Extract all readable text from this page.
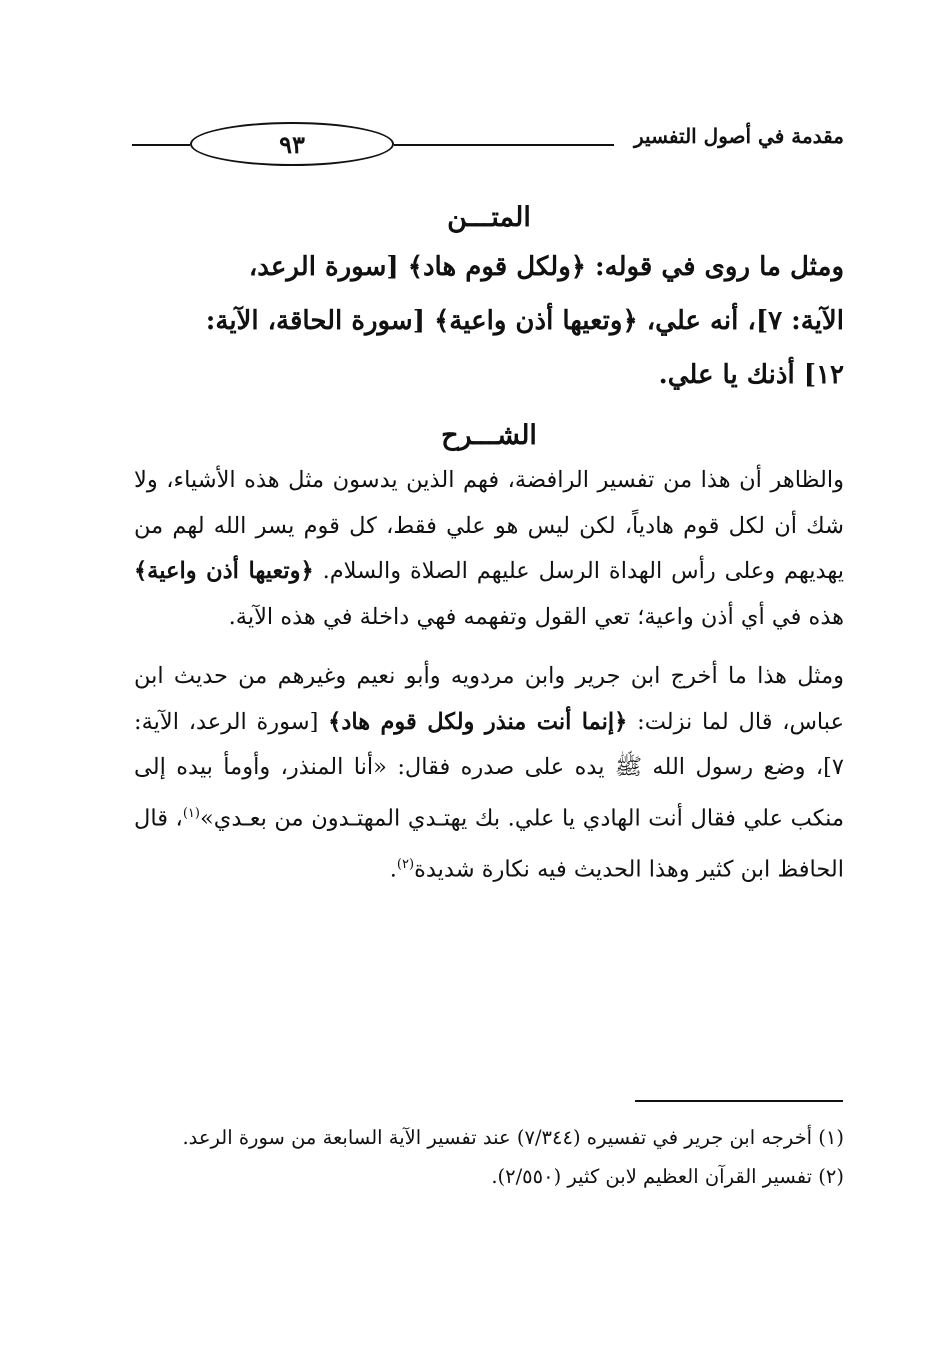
مقدمة في أصول التفسير
٩٣
المتـــن
ومثل ما روى في قوله: ﴿ولكل قوم هاد﴾ [سورة الرعد،
الآية: ٧]، أنه علي، ﴿وتعيها أذن واعية﴾ [سورة الحاقة، الآية:
١٢] أذنك يا علي.
الشـــرح

والظاهر أن هذا من تفسير الرافضة، فهم الذين يدسون مثل هذه الأشياء، ولا شك أن لكل قوم هادياً، لكن ليس هو علي فقط، كل قوم يسر الله لهم من يهديهم وعلى رأس الهداة الرسل عليهم الصلاة والسلام. ﴿وتعيها أذن واعية﴾ هذه في أي أذن واعية؛ تعي القول وتفهمه فهي داخلة في هذه الآية.

ومثل هذا ما أخرج ابن جرير وابن مردويه وأبو نعيم وغيرهم من حديث ابن عباس، قال لما نزلت: ﴿إنما أنت منذر ولكل قوم هاد﴾ [سورة الرعد، الآية: ٧]، وضع رسول الله ﷺ يده على صدره فقال: «أنا المنذر، وأومأ بيده إلى منكب علي فقال أنت الهادي يا علي. بك يهتـدي المهتـدون من بعـدي»$^{(١)}$، قال الحافظ ابن كثير وهذا الحديث فيه نكارة شديدة$^{(٢)}$.

(١) أخرجه ابن جرير في تفسيره (٧/٣٤٤) عند تفسير الآية السابعة من سورة الرعد.

(٢) تفسير القرآن العظيم لابن كثير (٢/٥٥٠).
